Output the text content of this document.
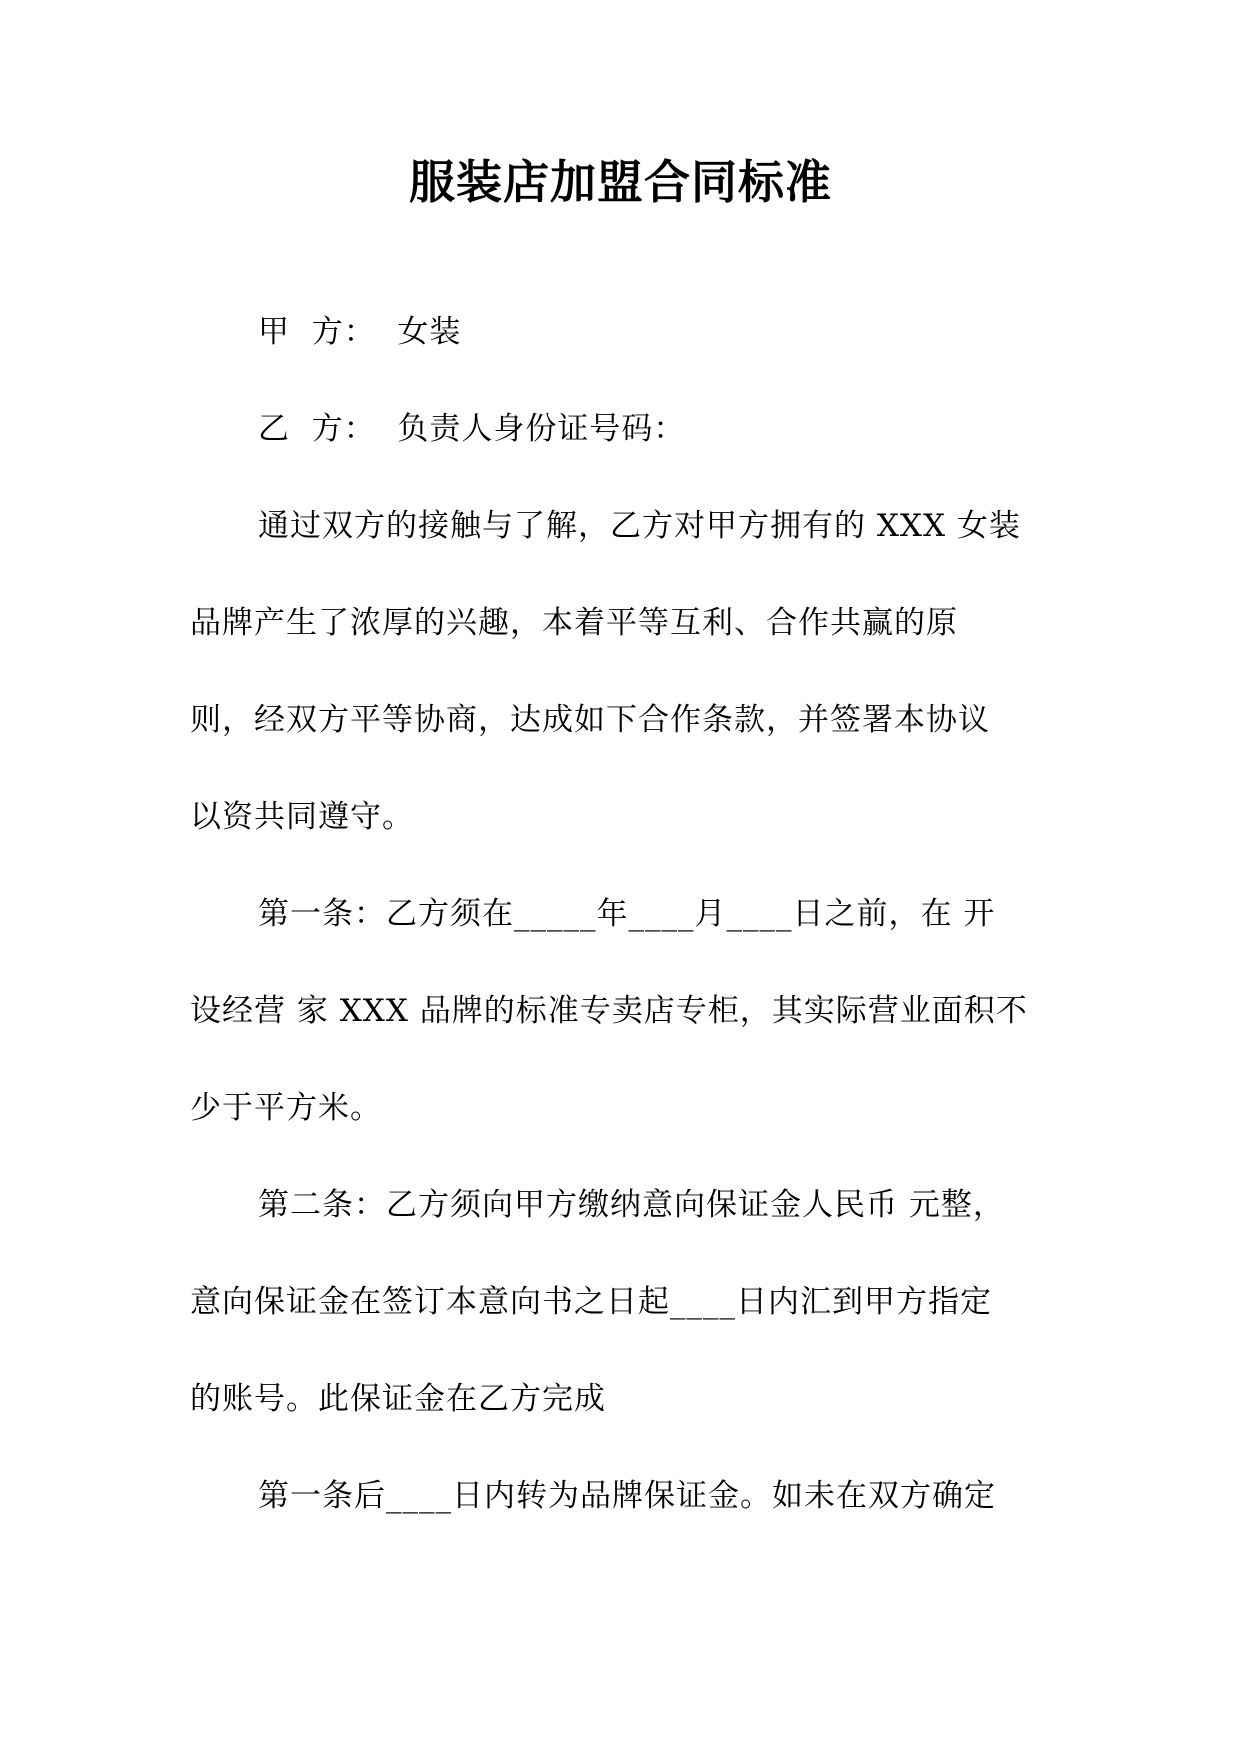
服装店加盟合同标准
甲  方：  女装
乙  方：  负责人身份证号码：
通过双方的接触与了解，乙方对甲方拥有的 XXX 女装
品牌产生了浓厚的兴趣，本着平等互利、合作共赢的原
则，经双方平等协商，达成如下合作条款，并签署本协议
以资共同遵守。
第一条：乙方须在_____年____月____日之前，在 开
设经营 家 XXX 品牌的标准专卖店专柜，其实际营业面积不
少于平方米。
第二条：乙方须向甲方缴纳意向保证金人民币 元整，
意向保证金在签订本意向书之日起____日内汇到甲方指定
的账号。此保证金在乙方完成
第一条后____日内转为品牌保证金。如未在双方确定
